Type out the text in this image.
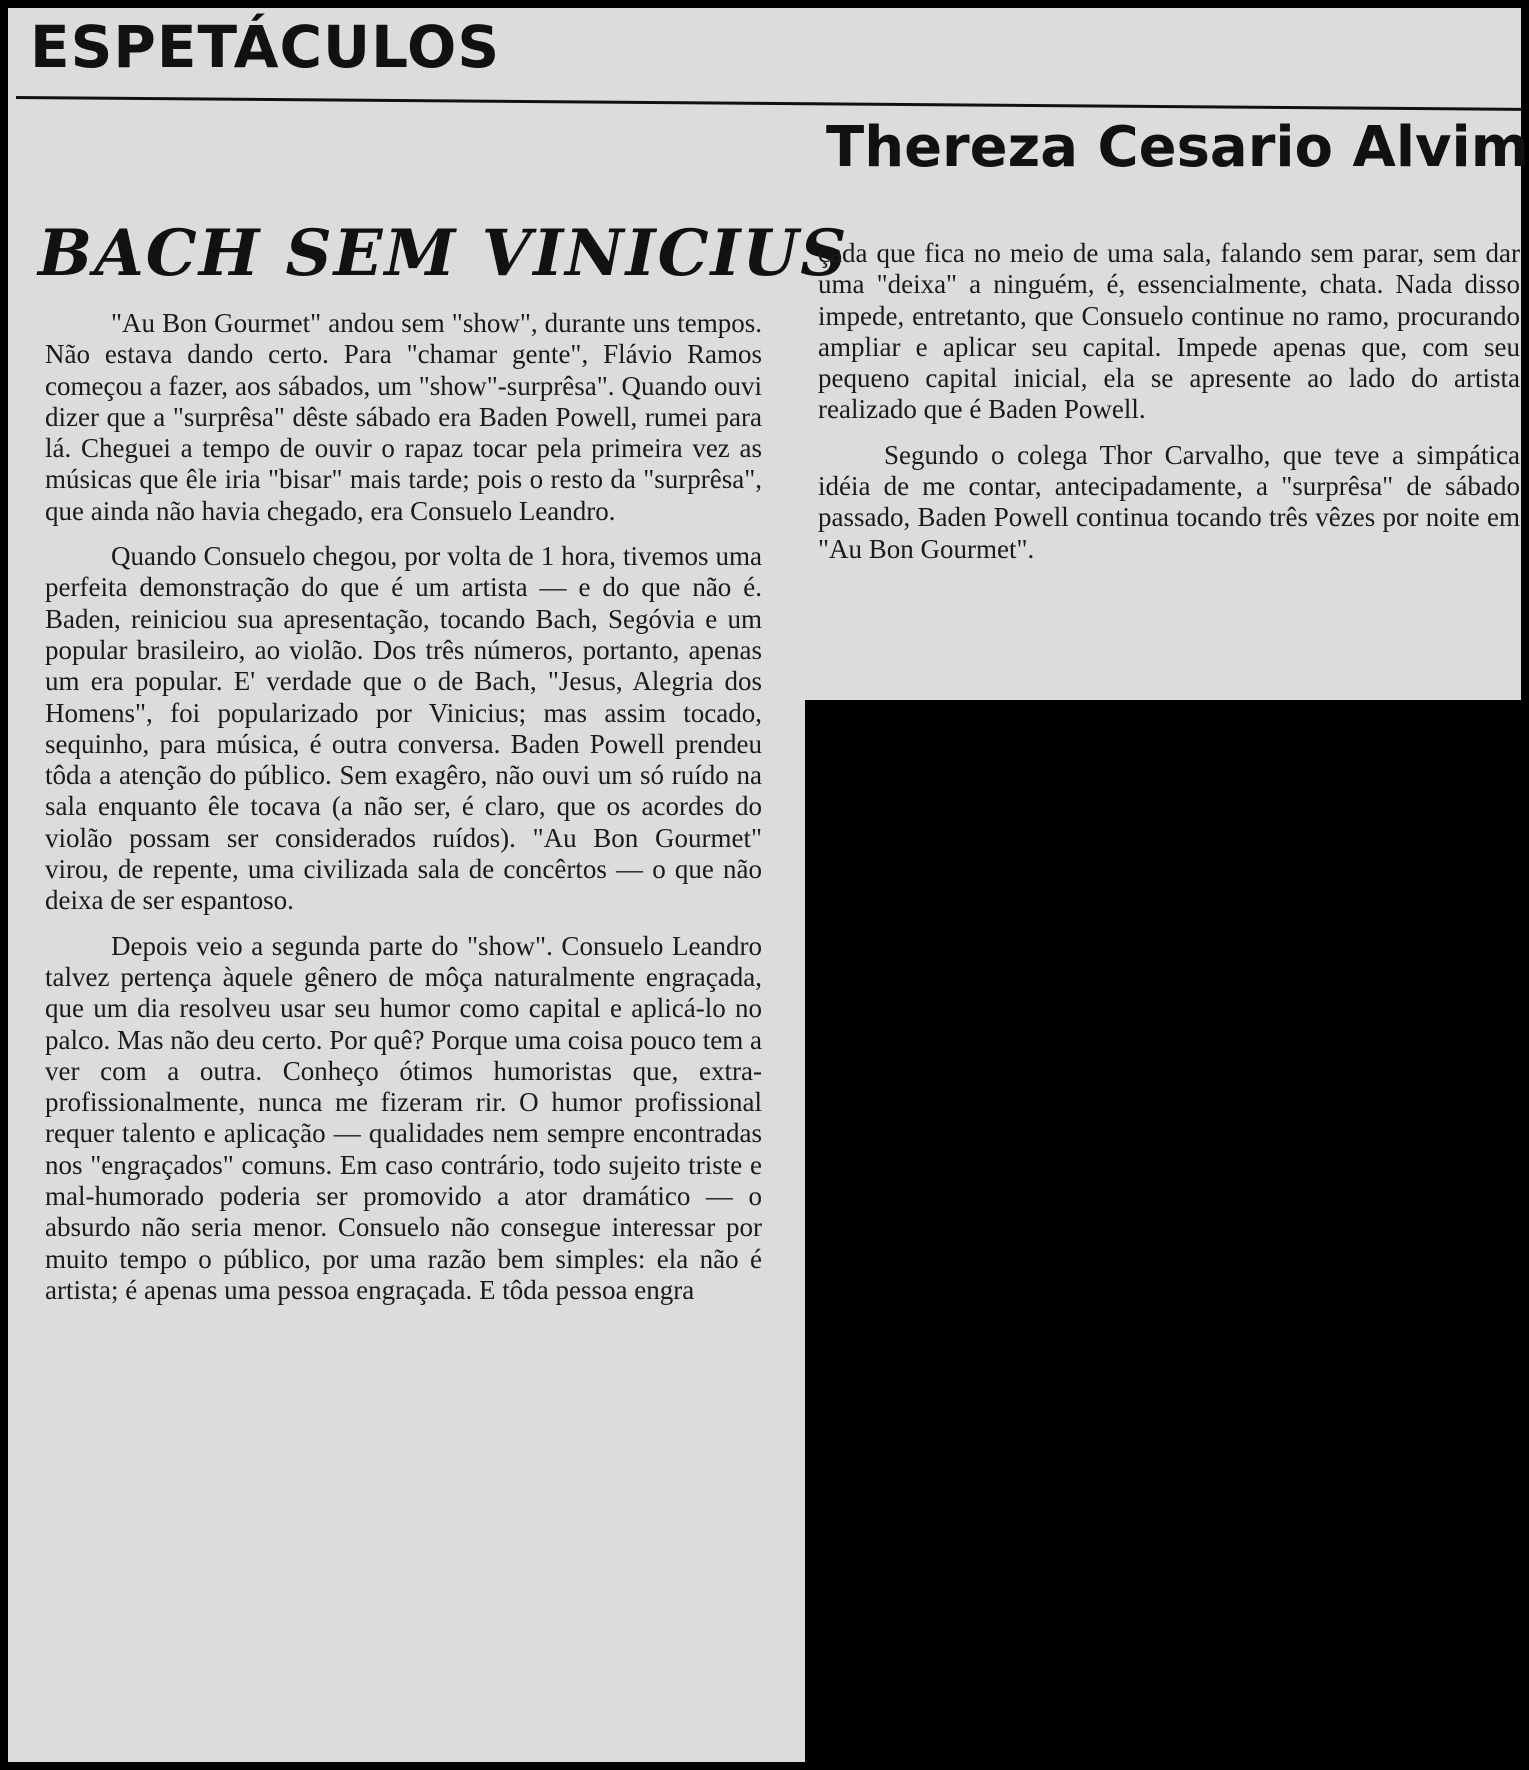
ESPETÁCULOS
Thereza Cesario Alvim
BACH SEM VINICIUS

"Au Bon Gourmet" andou sem "show", durante uns tempos. Não estava dando certo. Para "chamar gente", Flávio Ramos começou a fazer, aos sábados, um "show"-surprêsa". Quando ouvi dizer que a "surprêsa" dêste sábado era Baden Powell, rumei para lá. Cheguei a tempo de ouvir o rapaz tocar pela primeira vez as músicas que êle iria "bisar" mais tarde; pois o resto da "surprêsa", que ainda não havia chegado, era Consuelo Leandro.

Quando Consuelo chegou, por volta de 1 hora, tivemos uma perfeita demonstração do que é um artista — e do que não é. Baden, reiniciou sua apresentação, tocando Bach, Segóvia e um popular brasileiro, ao violão. Dos três números, portanto, apenas um era popular. E' verdade que o de Bach, "Jesus, Alegria dos Homens", foi popularizado por Vinicius; mas assim tocado, sequinho, para música, é outra conversa. Baden Powell prendeu tôda a atenção do público. Sem exagêro, não ouvi um só ruído na sala enquanto êle tocava (a não ser, é claro, que os acordes do violão possam ser considerados ruídos). "Au Bon Gourmet" virou, de repente, uma civilizada sala de concêrtos — o que não deixa de ser espantoso.

Depois veio a segunda parte do "show". Consuelo Leandro talvez pertença àquele gênero de môça naturalmente engraçada, que um dia resolveu usar seu humor como capital e aplicá-lo no palco. Mas não deu certo. Por quê? Porque uma coisa pouco tem a ver com a outra. Conheço ótimos humoristas que, extra-profissionalmente, nunca me fizeram rir. O humor profissional requer talento e aplicação — qualidades nem sempre encontradas nos "engraçados" comuns. Em caso contrário, todo sujeito triste e mal-humorado poderia ser promovido a ator dramático — o absurdo não seria menor. Consuelo não consegue interessar por muito tempo o público, por uma razão bem simples: ela não é artista; é apenas uma pessoa engraçada. E tôda pessoa engra

çada que fica no meio de uma sala, falando sem parar, sem dar uma "deixa" a ninguém, é, essencialmente, chata. Nada disso impede, entretanto, que Consuelo continue no ramo, procurando ampliar e aplicar seu capital. Impede apenas que, com seu pequeno capital inicial, ela se apresente ao lado do artista realizado que é Baden Powell.

Segundo o colega Thor Carvalho, que teve a simpática idéia de me contar, antecipadamente, a "surprêsa" de sábado passado, Baden Powell continua tocando três vêzes por noite em "Au Bon Gourmet".
